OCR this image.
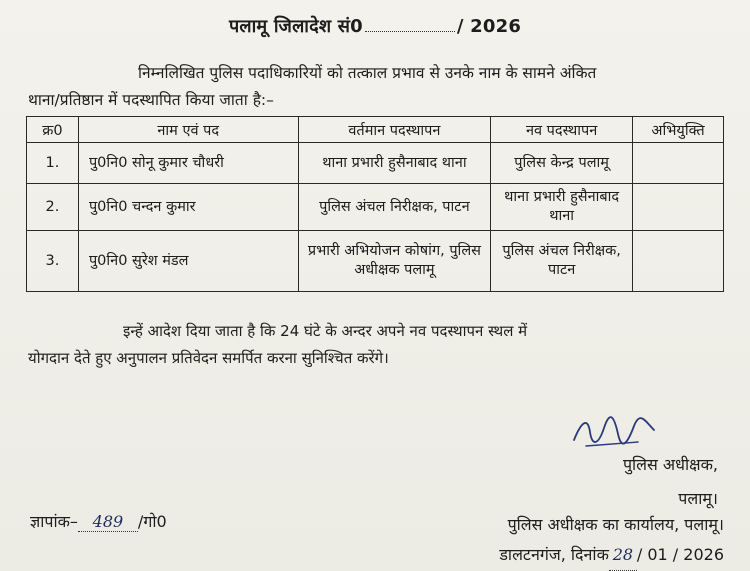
पलामू जिलादेश सं0	/ 2026
निम्नलिखित पुलिस पदाधिकारियों को तत्काल प्रभाव से उनके नाम के सामने अंकित
थाना/प्रतिष्ठान में पदस्थापित किया जाता है:–
क्र0	नाम एवं पद	वर्तमान पदस्थापन	नव पदस्थापन	अभियुक्ति
1.	पु0नि0 सोनू कुमार चौधरी	थाना प्रभारी हुसैनाबाद थाना	पुलिस केन्द्र पलामू	
2.	पु0नि0 चन्दन कुमार	पुलिस अंचल निरीक्षक, पाटन	थाना प्रभारी हुसैनाबाद थाना	
3.	पु0नि0 सुरेश मंडल	प्रभारी अभियोजन कोषांग, पुलिस अधीक्षक पलामू	पुलिस अंचल निरीक्षक, पाटन	
इन्हें आदेश दिया जाता है कि 24 घंटे के अन्दर अपने नव पदस्थापन स्थल में
योगदान देते हुए अनुपालन प्रतिवेदन समर्पित करना सुनिश्चित करेंगे।
पुलिस अधीक्षक,
पलामू।
ज्ञापांक– 489 /गो0	पुलिस अधीक्षक का कार्यालय, पलामू।
डालटनगंज, दिनांक 28 / 01 / 2026
